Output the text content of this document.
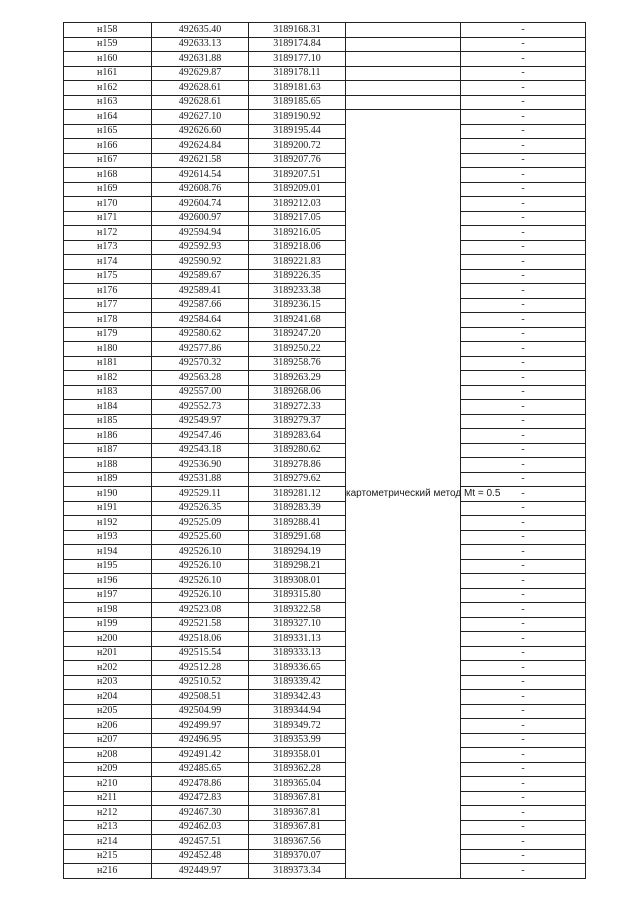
н158	492635.40	3189168.31		-
н159	492633.13	3189174.84		-
н160	492631.88	3189177.10		-
н161	492629.87	3189178.11		-
н162	492628.61	3189181.63		-
н163	492628.61	3189185.65		-
н164	492627.10	3189190.92	картометрический метод Mt = 0.5	-
н165	492626.60	3189195.44		-
н166	492624.84	3189200.72		-
н167	492621.58	3189207.76		-
н168	492614.54	3189207.51		-
н169	492608.76	3189209.01		-
н170	492604.74	3189212.03		-
н171	492600.97	3189217.05		-
н172	492594.94	3189216.05		-
н173	492592.93	3189218.06		-
н174	492590.92	3189221.83		-
н175	492589.67	3189226.35		-
н176	492589.41	3189233.38		-
н177	492587.66	3189236.15		-
н178	492584.64	3189241.68		-
н179	492580.62	3189247.20		-
н180	492577.86	3189250.22		-
н181	492570.32	3189258.76		-
н182	492563.28	3189263.29		-
н183	492557.00	3189268.06		-
н184	492552.73	3189272.33		-
н185	492549.97	3189279.37		-
н186	492547.46	3189283.64		-
н187	492543.18	3189280.62		-
н188	492536.90	3189278.86		-
н189	492531.88	3189279.62		-
н190	492529.11	3189281.12		-
н191	492526.35	3189283.39		-
н192	492525.09	3189288.41		-
н193	492525.60	3189291.68		-
н194	492526.10	3189294.19		-
н195	492526.10	3189298.21		-
н196	492526.10	3189308.01		-
н197	492526.10	3189315.80		-
н198	492523.08	3189322.58		-
н199	492521.58	3189327.10		-
н200	492518.06	3189331.13		-
н201	492515.54	3189333.13		-
н202	492512.28	3189336.65		-
н203	492510.52	3189339.42		-
н204	492508.51	3189342.43		-
н205	492504.99	3189344.94		-
н206	492499.97	3189349.72		-
н207	492496.95	3189353.99		-
н208	492491.42	3189358.01		-
н209	492485.65	3189362.28		-
н210	492478.86	3189365.04		-
н211	492472.83	3189367.81		-
н212	492467.30	3189367.81		-
н213	492462.03	3189367.81		-
н214	492457.51	3189367.56		-
н215	492452.48	3189370.07		-
н216	492449.97	3189373.34		-
